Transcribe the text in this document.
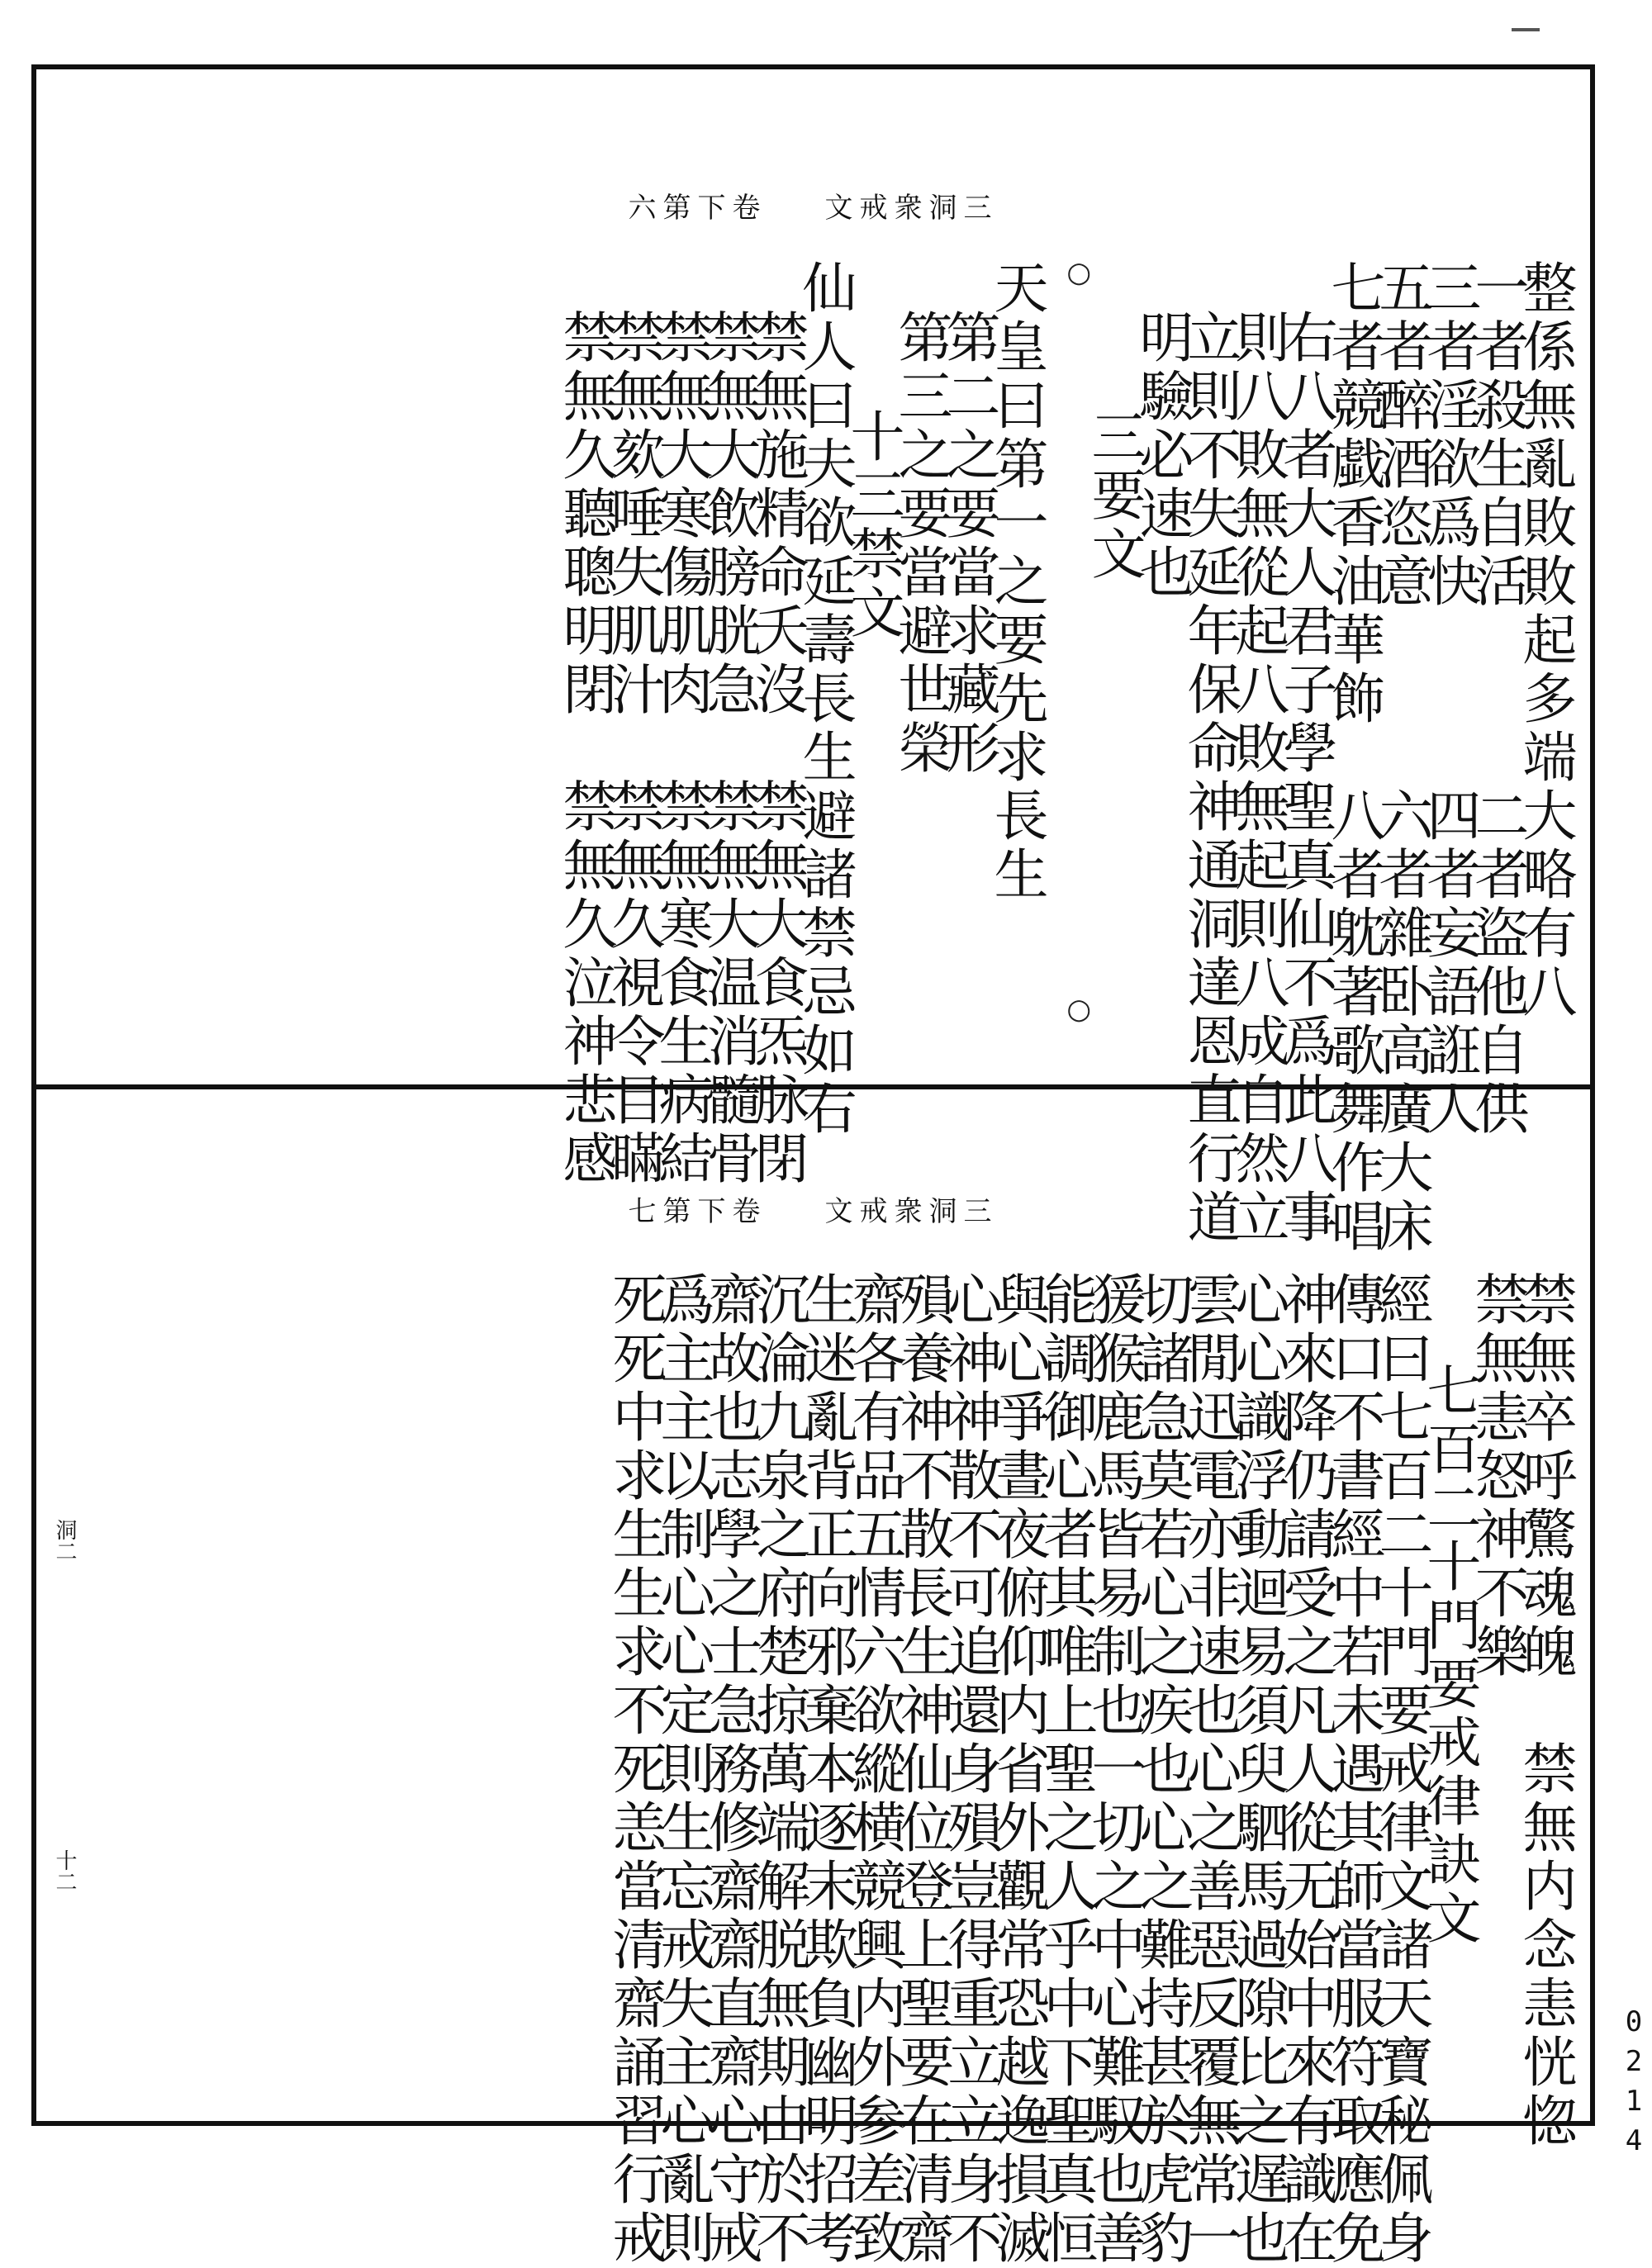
六第下卷 文戒衆洞三
整係無亂敗敗起多端大略有八
一者殺生自活　　　二者盜他自供
三者淫欲爲快　　　四者妄語誑人
五者醉酒恣意　　　六者雜卧高廣大床
七者競戱香油華飾　八者躭著歌舞作唱
右八者大人君子學聖真仙不爲此八事
則八敗無從起八敗無起則八成自然立
立則不失延年保命神通洞達恩直行道
明驗必速也
三要文
○
○
天皇曰第一之要先求長生
第二之要當求藏形
第三之要當避世榮
十三禁文
仙人曰夫欲延壽長生避諸禁忌如右
禁無施精命夭沒　禁無大食炁脉閉
禁無大飲膀胱急　禁無大温消髓骨
禁無大寒傷肌肉　禁無寒食生病結
禁無欬唾失肌汁　禁無久視令目瞞
禁無久聽聰明閉　禁無久泣神悲感
七第下卷 文戒衆洞三
禁無卒呼驚魂魄　禁無内念恚恍惚
禁無恚怒神不樂
七百二十門要戒律訣文
經曰七百二十門要戒律文諸天寶秘佩身
傳口不書經中若未遇其師當服符取應免
神來降仍請受之凡人從无始中來有識在
心心識浮動迴易須臾駟馬過隙比之遅也
雲閒迅電亦非速也心之善惡反覆無常一
切諸急莫若心之疾也心之難持甚於虎豹
猨猴鹿馬皆易制也一切之中心難馭也善
能調御心者其唯上聖之人乎中下聖真恒
與心爭晝夜俯仰内省外觀常恐越逸損滅
心神神散不可追還身殞豈得重立立身不
殞養神不散長生神仙位登上聖要在清齋
齋各有品五情六欲縱横競興内外参差致
生迷亂背正向邪棄本逐末欺負幽明招考
沉淪九泉之府楚掠萬端解脱無期由於不
齋故也志學之士急務修齋齋直齋心守戒
爲主主以制心心定則生忘戒失主心亂則
死死中求生生求不死恙當清齋誦習行戒
洞二
十二
0214
